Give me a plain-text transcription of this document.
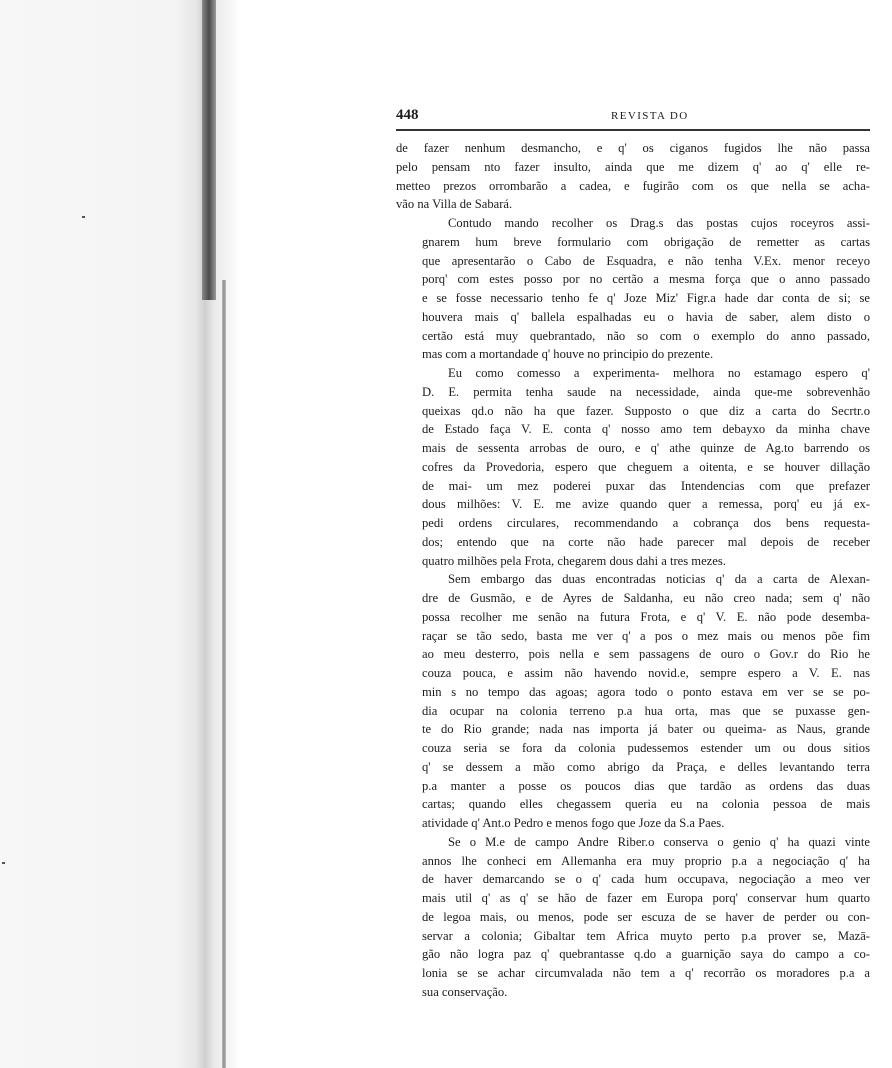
448	REVISTA DO
de fazer nenhum desmancho, e q' os ciganos fugidos lhe não passa
pelo pensam nto fazer insulto, ainda que me dizem q' ao q' elle re-
metteo prezos orrombarão a cadea, e fugirão com os que nella se acha-
vão na Villa de Sabará.
Contudo mando recolher os Drag.s das postas cujos roceyros assi-
gnarem hum breve formulario com obrigação de remetter as cartas
que apresentarão o Cabo de Esquadra, e não tenha V.Ex. menor receyo
porq' com estes posso por no certão a mesma força que o anno passado
e se fosse necessario tenho fe q' Joze Miz' Figr.a hade dar conta de si; se
houvera mais q' ballela espalhadas eu o havia de saber, alem disto o
certão está muy quebrantado, não so com o exemplo do anno passado,
mas com a mortandade q' houve no principio do prezente.
Eu como comesso a experimenta- melhora no estamago espero q'
D. E. permita tenha saude na necessidade, ainda que-me sobrevenhão
queixas qd.o não ha que fazer. Supposto o que diz a carta do Secrtr.o
de Estado faça V. E. conta q' nosso amo tem debayxo da minha chave
mais de sessenta arrobas de ouro, e q' athe quinze de Ag.to barrendo os
cofres da Provedoria, espero que cheguem a oitenta, e se houver dillação
de mai- um mez poderei puxar das Intendencias com que prefazer
dous milhões: V. E. me avize quando quer a remessa, porq' eu já ex-
pedi ordens circulares, recommendando a cobrança dos bens requesta-
dos; entendo que na corte não hade parecer mal depois de receber
quatro milhões pela Frota, chegarem dous dahi a tres mezes.
Sem embargo das duas encontradas noticias q' da a carta de Alexan-
dre de Gusmão, e de Ayres de Saldanha, eu não creo nada; sem q' não
possa recolher me senão na futura Frota, e q' V. E. não pode desemba-
raçar se tão sedo, basta me ver q' a pos o mez mais ou menos põe fim
ao meu desterro, pois nella e sem passagens de ouro o Gov.r do Rio he
couza pouca, e assim não havendo novid.e, sempre espero a V. E. nas
min s no tempo das agoas; agora todo o ponto estava em ver se se po-
dia ocupar na colonia terreno p.a hua orta, mas que se puxasse gen-
te do Rio grande; nada nas importa já bater ou queima- as Naus, grande
couza seria se fora da colonia pudessemos estender um ou dous sitios
q' se dessem a mão como abrigo da Praça, e delles levantando terra
p.a manter a posse os poucos dias que tardão as ordens das duas
cartas; quando elles chegassem queria eu na colonia pessoa de mais
atividade q' Ant.o Pedro e menos fogo que Joze da S.a Paes.
Se o M.e de campo Andre Riber.o conserva o genio q' ha quazi vinte
annos lhe conheci em Allemanha era muy proprio p.a a negociação q' ha
de haver demarcando se o q' cada hum occupava, negociação a meo ver
mais util q' as q' se hão de fazer em Europa porq' conservar hum quarto
de legoa mais, ou menos, pode ser escuza de se haver de perder ou con-
servar a colonia; Gibaltar tem Africa muyto perto p.a prover se, Mazā-
gão não logra paz q' quebrantasse q.do a guarnição saya do campo a co-
lonia se se achar circumvalada não tem a q' recorrão os moradores p.a a
sua conservação.
